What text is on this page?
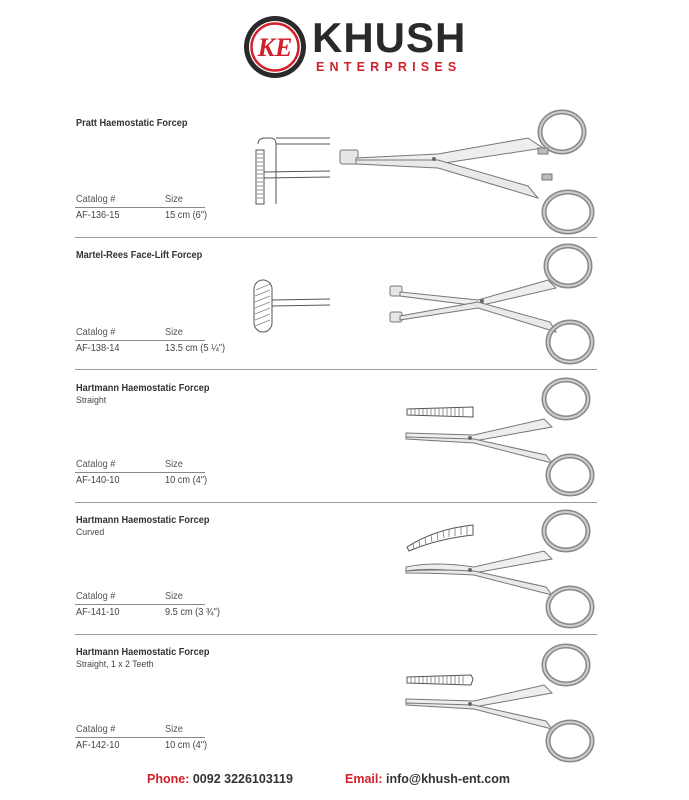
KE KHUSH
ENTERPRISES
Pratt Haemostatic Forcep
Catalog #	Size
AF-136-15	15 cm (6")
Martel-Rees Face-Lift Forcep
Catalog #	Size
AF-138-14	13.5 cm (5 ¼")
Hartmann Haemostatic Forcep
Straight
Catalog #	Size
AF-140-10	10 cm (4")
Hartmann Haemostatic Forcep
Curved
Catalog #	Size
AF-141-10	9.5 cm (3 ¾")
Hartmann Haemostatic Forcep
Straight, 1 x 2 Teeth
Catalog #	Size
AF-142-10	10 cm (4")
Phone: 0092 3226103119	Email: info@khush-ent.com
